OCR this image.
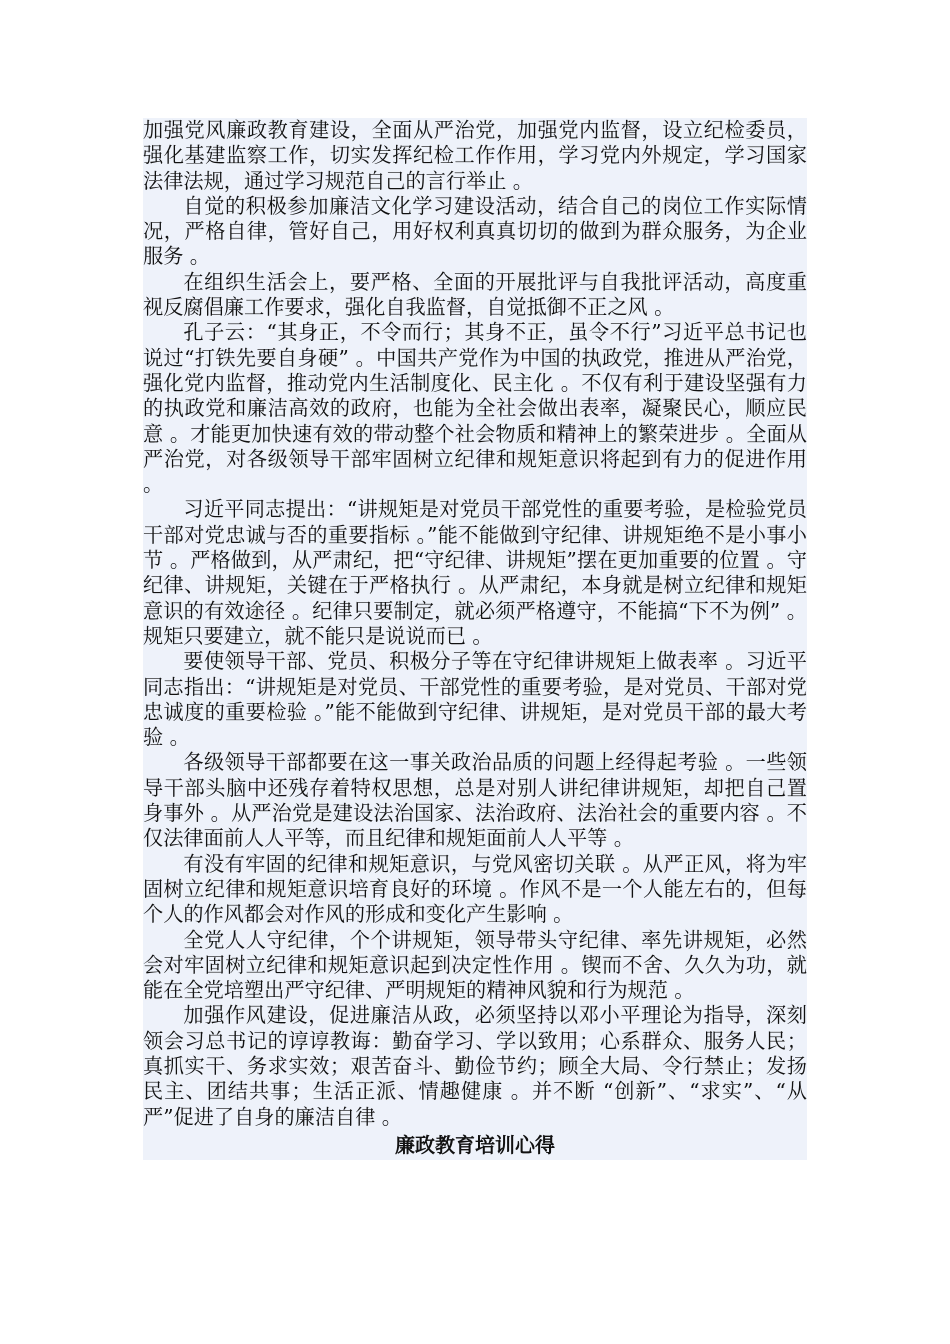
加强党风廉政教育建设，全面从严治党，加强党内监督，设立纪检委员，强化基建监察工作，切实发挥纪检工作作用，学习党内外规定，学习国家法律法规，通过学习规范自己的言行举止 。

自觉的积极参加廉洁文化学习建设活动，结合自己的岗位工作实际情况，严格自律，管好自己，用好权利真真切切的做到为群众服务，为企业服务 。

在组织生活会上，要严格、全面的开展批评与自我批评活动，高度重视反腐倡廉工作要求，强化自我监督，自觉抵御不正之风 。

孔子云：“其身正，不令而行；其身不正，虽令不行”习近平总书记也说过“打铁先要自身硬” 。中国共产党作为中国的执政党，推进从严治党，强化党内监督，推动党内生活制度化、民主化 。不仅有利于建设坚强有力的执政党和廉洁高效的政府，也能为全社会做出表率，凝聚民心，顺应民意 。才能更加快速有效的带动整个社会物质和精神上的繁荣进步 。全面从严治党，对各级领导干部牢固树立纪律和规矩意识将起到有力的促进作用 。

习近平同志提出：“讲规矩是对党员干部党性的重要考验，是检验党员干部对党忠诚与否的重要指标 。”能不能做到守纪律、讲规矩绝不是小事小节 。严格做到，从严肃纪，把“守纪律、讲规矩”摆在更加重要的位置 。守纪律、讲规矩，关键在于严格执行 。从严肃纪，本身就是树立纪律和规矩意识的有效途径 。纪律只要制定，就必须严格遵守，不能搞“下不为例” 。规矩只要建立，就不能只是说说而已 。

要使领导干部、党员、积极分子等在守纪律讲规矩上做表率 。习近平同志指出：“讲规矩是对党员、干部党性的重要考验，是对党员、干部对党忠诚度的重要检验 。”能不能做到守纪律、讲规矩，是对党员干部的最大考验 。

各级领导干部都要在这一事关政治品质的问题上经得起考验 。一些领导干部头脑中还残存着特权思想，总是对别人讲纪律讲规矩，却把自己置身事外 。从严治党是建设法治国家、法治政府、法治社会的重要内容 。不仅法律面前人人平等，而且纪律和规矩面前人人平等 。

有没有牢固的纪律和规矩意识，与党风密切关联 。从严正风，将为牢固树立纪律和规矩意识培育良好的环境 。作风不是一个人能左右的，但每个人的作风都会对作风的形成和变化产生影响 。

全党人人守纪律，个个讲规矩，领导带头守纪律、率先讲规矩，必然会对牢固树立纪律和规矩意识起到决定性作用 。锲而不舍、久久为功，就能在全党培塑出严守纪律、严明规矩的精神风貌和行为规范 。

加强作风建设，促进廉洁从政，必须坚持以邓小平理论为指导，深刻领会习总书记的谆谆教诲：勤奋学习、学以致用；心系群众、服务人民；真抓实干、务求实效；艰苦奋斗、勤俭节约；顾全大局、令行禁止；发扬民主、团结共事；生活正派、情趣健康 。并不断 “创新”、“求实”、“从严”促进了自身的廉洁自律 。

廉政教育培训心得
